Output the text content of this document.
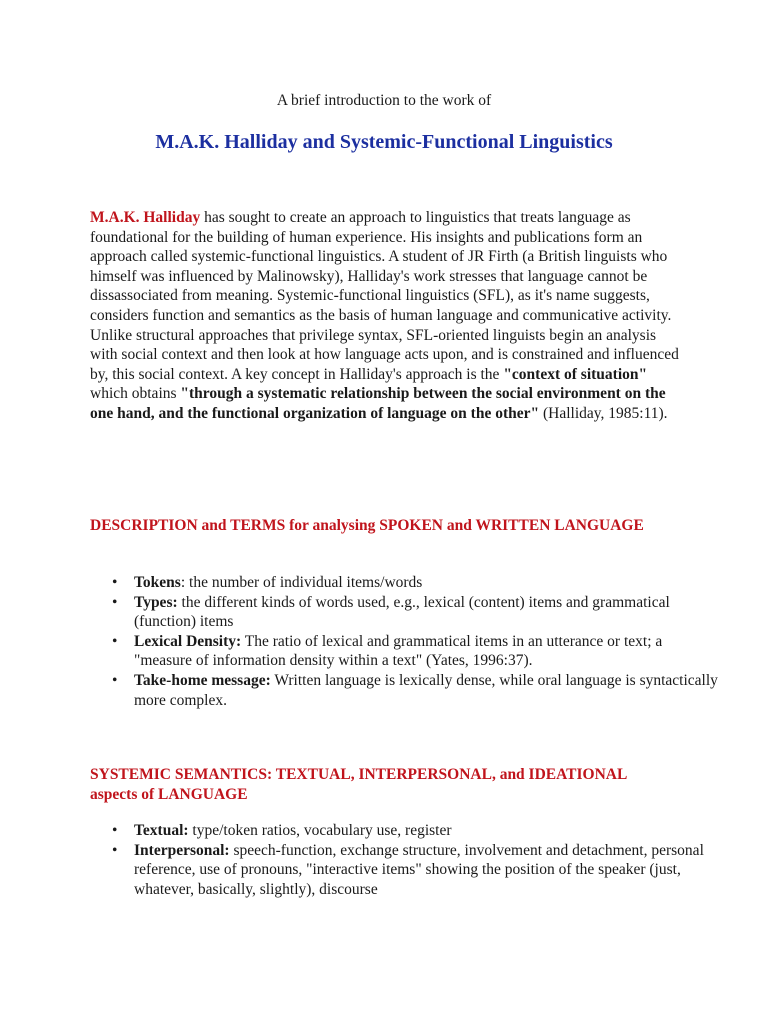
A brief introduction to the work of
M.A.K. Halliday and Systemic-Functional Linguistics

M.A.K. Halliday has sought to create an approach to linguistics that treats language as foundational for the building of human experience. His insights and publications form an approach called systemic-functional linguistics. A student of JR Firth (a British linguists who himself was influenced by Malinowsky), Halliday's work stresses that language cannot be dissassociated from meaning. Systemic-functional linguistics (SFL), as it's name suggests, considers function and semantics as the basis of human language and communicative activity. Unlike structural approaches that privilege syntax, SFL-oriented linguists begin an analysis with social context and then look at how language acts upon, and is constrained and influenced by, this social context. A key concept in Halliday's approach is the "context of situation" which obtains "through a systematic relationship between the social environment on the one hand, and the functional organization of language on the other" (Halliday, 1985:11).

DESCRIPTION and TERMS for analysing SPOKEN and WRITTEN LANGUAGE
• Tokens: the number of individual items/words
• Types: the different kinds of words used, e.g., lexical (content) items and grammatical (function) items
• Lexical Density: The ratio of lexical and grammatical items in an utterance or text; a "measure of information density within a text" (Yates, 1996:37).
• Take-home message: Written language is lexically dense, while oral language is syntactically more complex.
SYSTEMIC SEMANTICS: TEXTUAL, INTERPERSONAL, and IDEATIONAL aspects of LANGUAGE
• Textual: type/token ratios, vocabulary use, register
• Interpersonal: speech-function, exchange structure, involvement and detachment, personal reference, use of pronouns, "interactive items" showing the position of the speaker (just, whatever, basically, slightly), discourse
